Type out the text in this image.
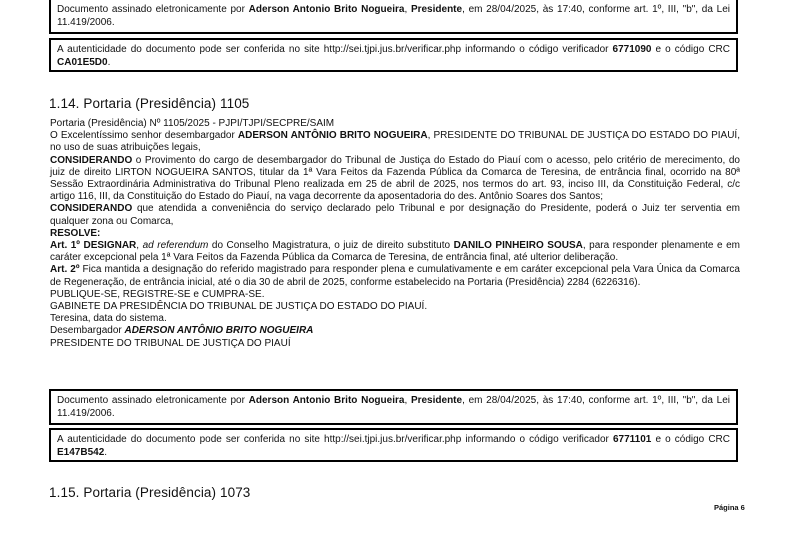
Documento assinado eletronicamente por Aderson Antonio Brito Nogueira, Presidente, em 28/04/2025, às 17:40, conforme art. 1º, III, "b", da Lei 11.419/2006.
A autenticidade do documento pode ser conferida no site http://sei.tjpi.jus.br/verificar.php informando o código verificador 6771090 e o código CRC CA01E5D0.
1.14. Portaria (Presidência) 1105

Portaria (Presidência) Nº 1105/2025 - PJPI/TJPI/SECPRE/SAIM

O Excelentíssimo senhor desembargador ADERSON ANTÔNIO BRITO NOGUEIRA, PRESIDENTE DO TRIBUNAL DE JUSTIÇA DO ESTADO DO PIAUÍ, no uso de suas atribuições legais,

CONSIDERANDO o Provimento do cargo de desembargador do Tribunal de Justiça do Estado do Piauí com o acesso, pelo critério de merecimento, do juiz de direito LIRTON NOGUEIRA SANTOS, titular da 1ª Vara Feitos da Fazenda Pública da Comarca de Teresina, de entrância final, ocorrido na 80ª Sessão Extraordinária Administrativa do Tribunal Pleno realizada em 25 de abril de 2025, nos termos do art. 93, inciso III, da Constituição Federal, c/c artigo 116, III, da Constituição do Estado do Piauí, na vaga decorrente da aposentadoria do des. Antônio Soares dos Santos;

CONSIDERANDO que atendida a conveniência do serviço declarado pelo Tribunal e por designação do Presidente, poderá o Juiz ter serventia em qualquer zona ou Comarca,

RESOLVE:

Art. 1º DESIGNAR, ad referendum do Conselho Magistratura, o juiz de direito substituto DANILO PINHEIRO SOUSA, para responder plenamente e em caráter excepcional pela 1ª Vara Feitos da Fazenda Pública da Comarca de Teresina, de entrância final, até ulterior deliberação.

Art. 2º Fica mantida a designação do referido magistrado para responder plena e cumulativamente e em caráter excepcional pela Vara Única da Comarca de Regeneração, de entrância inicial, até o dia 30 de abril de 2025, conforme estabelecido na Portaria (Presidência) 2284 (6226316).

PUBLIQUE-SE, REGISTRE-SE e CUMPRA-SE.

GABINETE DA PRESIDÊNCIA DO TRIBUNAL DE JUSTIÇA DO ESTADO DO PIAUÍ.

Teresina, data do sistema.

Desembargador ADERSON ANTÔNIO BRITO NOGUEIRA

PRESIDENTE DO TRIBUNAL DE JUSTIÇA DO PIAUÍ

Documento assinado eletronicamente por Aderson Antonio Brito Nogueira, Presidente, em 28/04/2025, às 17:40, conforme art. 1º, III, "b", da Lei 11.419/2006.
A autenticidade do documento pode ser conferida no site http://sei.tjpi.jus.br/verificar.php informando o código verificador 6771101 e o código CRC E147B542.
1.15. Portaria (Presidência) 1073
Página 6
